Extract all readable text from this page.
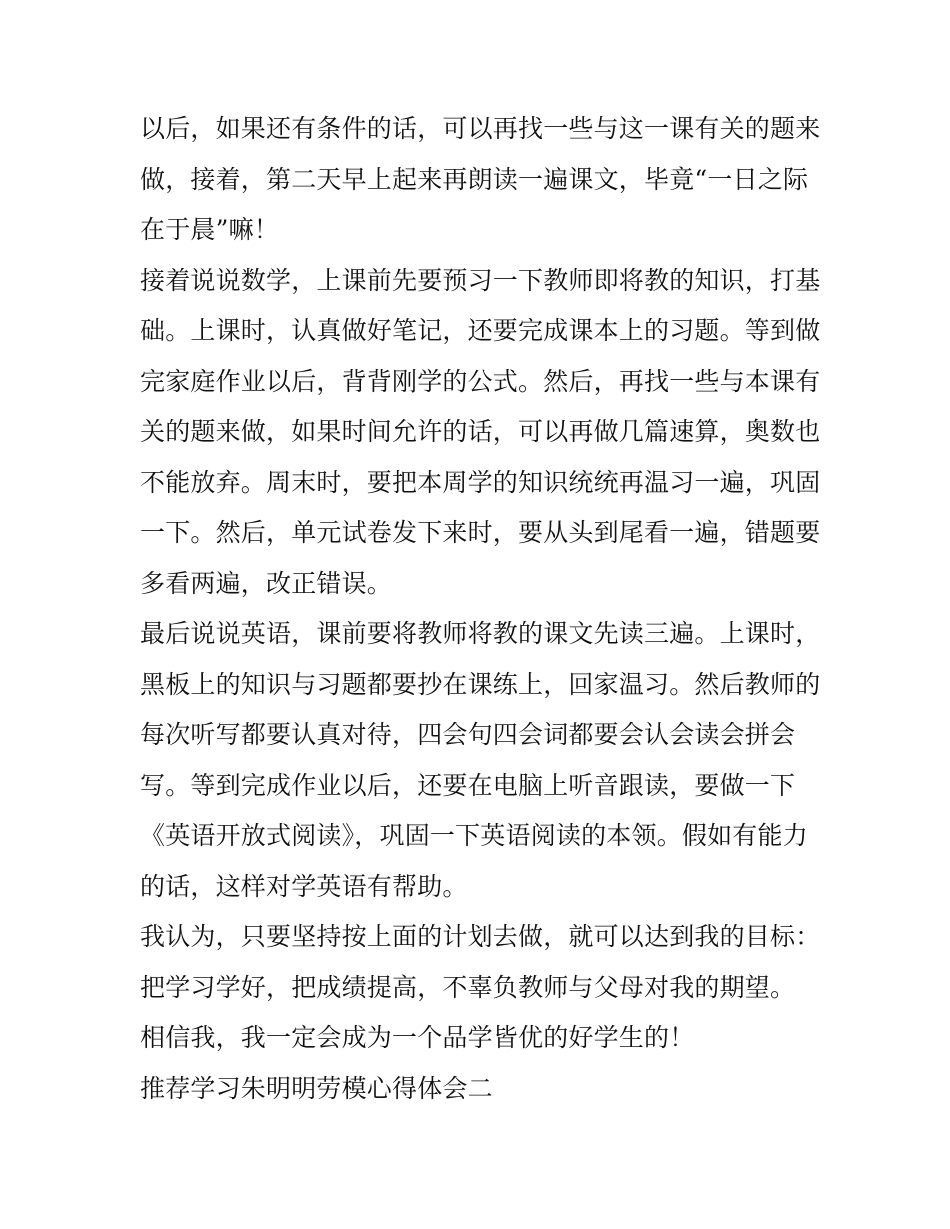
以后，如果还有条件的话，可以再找一些与这一课有关的题来

做，接着，第二天早上起来再朗读一遍课文，毕竟“一日之际

在于晨”嘛！

接着说说数学，上课前先要预习一下教师即将教的知识，打基

础。上课时，认真做好笔记，还要完成课本上的习题。等到做

完家庭作业以后，背背刚学的公式。然后，再找一些与本课有

关的题来做，如果时间允许的话，可以再做几篇速算，奥数也

不能放弃。周末时，要把本周学的知识统统再温习一遍，巩固

一下。然后，单元试卷发下来时，要从头到尾看一遍，错题要

多看两遍，改正错误。

最后说说英语，课前要将教师将教的课文先读三遍。上课时，

黑板上的知识与习题都要抄在课练上，回家温习。然后教师的

每次听写都要认真对待，四会句四会词都要会认会读会拼会

写。等到完成作业以后，还要在电脑上听音跟读，要做一下

《英语开放式阅读》，巩固一下英语阅读的本领。假如有能力

的话，这样对学英语有帮助。

我认为，只要坚持按上面的计划去做，就可以达到我的目标：

把学习学好，把成绩提高，不辜负教师与父母对我的期望。

相信我，我一定会成为一个品学皆优的好学生的！

推荐学习朱明明劳模心得体会二
